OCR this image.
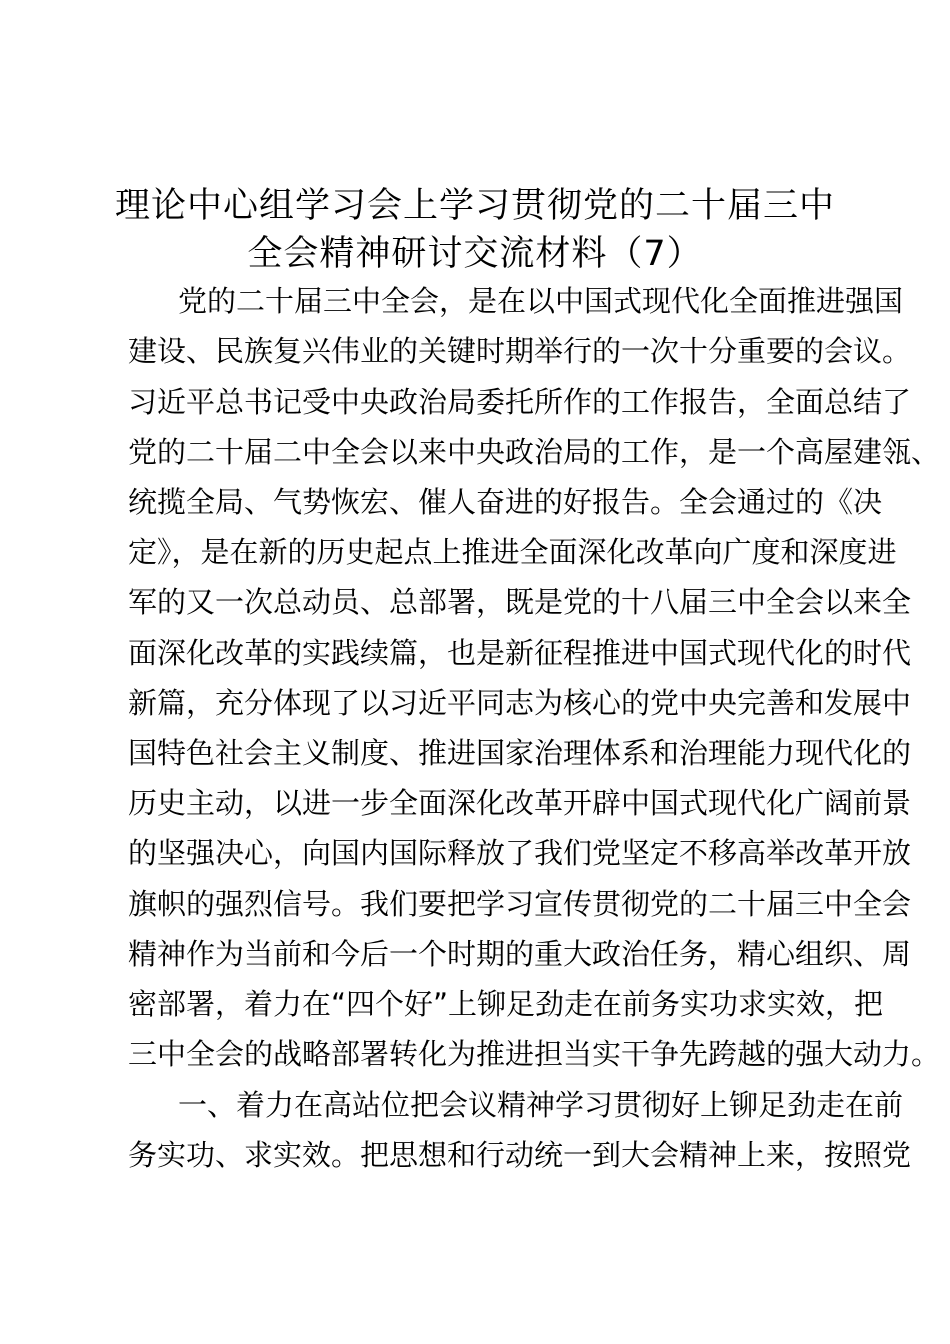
理论中心组学习会上学习贯彻党的二十届三中
全会精神研讨交流材料（7）

党的二十届三中全会，是在以中国式现代化全面推进强国

建设、民族复兴伟业的关键时期举行的一次十分重要的会议。

习近平总书记受中央政治局委托所作的工作报告，全面总结了

党的二十届二中全会以来中央政治局的工作，是一个高屋建瓴、

统揽全局、气势恢宏、催人奋进的好报告。全会通过的《决

定》，是在新的历史起点上推进全面深化改革向广度和深度进

军的又一次总动员、总部署，既是党的十八届三中全会以来全

面深化改革的实践续篇，也是新征程推进中国式现代化的时代

新篇，充分体现了以习近平同志为核心的党中央完善和发展中

国特色社会主义制度、推进国家治理体系和治理能力现代化的

历史主动，以进一步全面深化改革开辟中国式现代化广阔前景

的坚强决心，向国内国际释放了我们党坚定不移高举改革开放

旗帜的强烈信号。我们要把学习宣传贯彻党的二十届三中全会

精神作为当前和今后一个时期的重大政治任务，精心组织、周

密部署，着力在“四个好”上铆足劲走在前务实功求实效，把

三中全会的战略部署转化为推进担当实干争先跨越的强大动力。

一、着力在高站位把会议精神学习贯彻好上铆足劲走在前

务实功、求实效。把思想和行动统一到大会精神上来，按照党
